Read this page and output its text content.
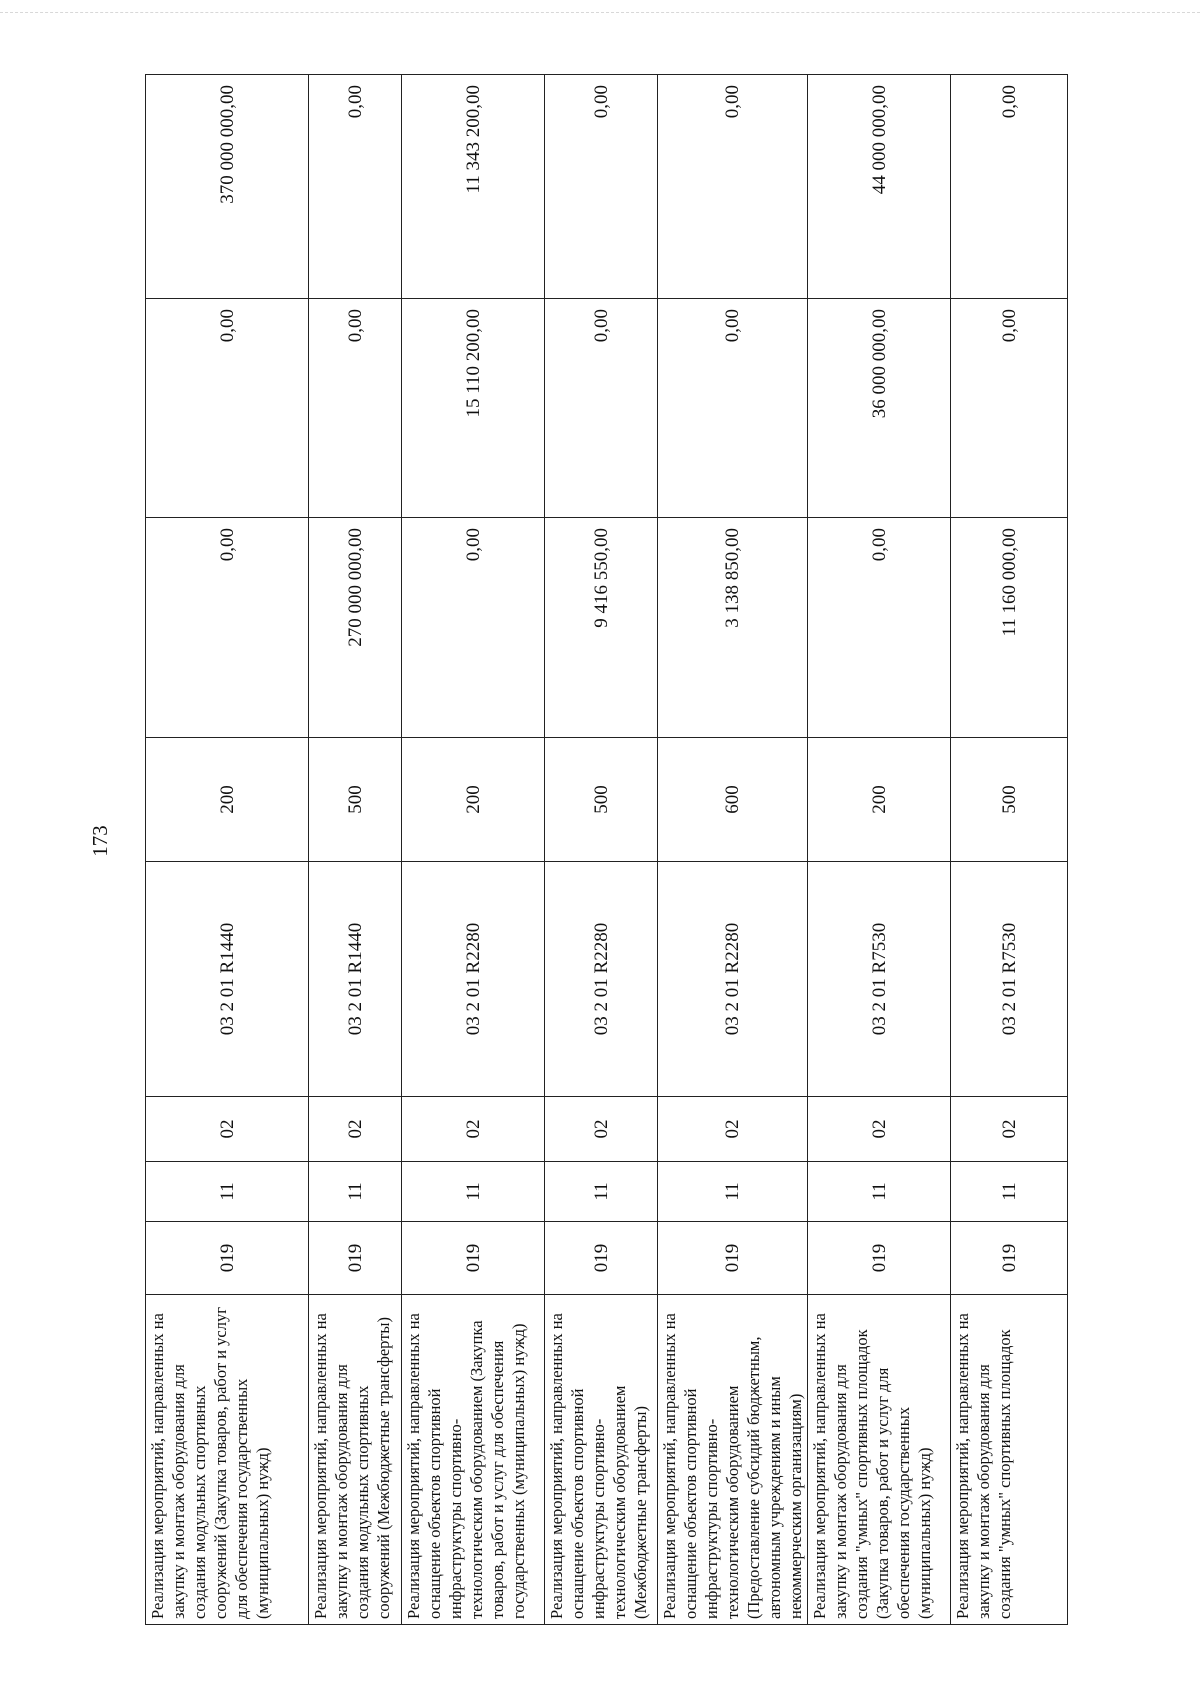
173
Реализация мероприятий, направленных на закупку и монтаж оборудования для создания модульных спортивных сооружений (Закупка товаров, работ и услуг для обеспечения государственных (муниципальных) нужд)	019	11	02	03 2 01 R1440	200	0,00	0,00	370 000 000,00
Реализация мероприятий, направленных на закупку и монтаж оборудования для создания модульных спортивных сооружений (Межбюджетные трансферты)	019	11	02	03 2 01 R1440	500	270 000 000,00	0,00	0,00
Реализация мероприятий, направленных на оснащение объектов спортивной инфраструктуры спортивно-технологическим оборудованием (Закупка товаров, работ и услуг для обеспечения государственных (муниципальных) нужд)	019	11	02	03 2 01 R2280	200	0,00	15 110 200,00	11 343 200,00
Реализация мероприятий, направленных на оснащение объектов спортивной инфраструктуры спортивно-технологическим оборудованием (Межбюджетные трансферты)	019	11	02	03 2 01 R2280	500	9 416 550,00	0,00	0,00
Реализация мероприятий, направленных на оснащение объектов спортивной инфраструктуры спортивно-технологическим оборудованием (Предоставление субсидий бюджетным, автономным учреждениям и иным некоммерческим организациям)	019	11	02	03 2 01 R2280	600	3 138 850,00	0,00	0,00
Реализация мероприятий, направленных на закупку и монтаж оборудования для создания "умных" спортивных площадок (Закупка товаров, работ и услуг для обеспечения государственных (муниципальных) нужд)	019	11	02	03 2 01 R7530	200	0,00	36 000 000,00	44 000 000,00
Реализация мероприятий, направленных на закупку и монтаж оборудования для создания "умных" спортивных площадок	019	11	02	03 2 01 R7530	500	11 160 000,00	0,00	0,00
